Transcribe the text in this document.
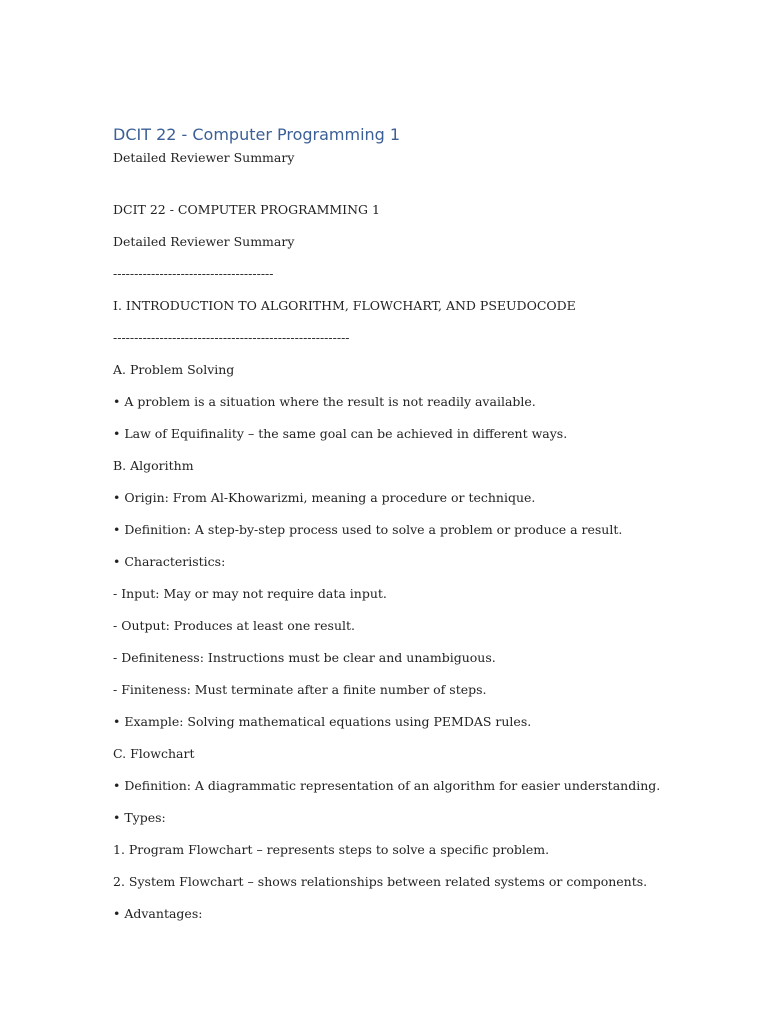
DCIT 22 - Computer Programming 1
Detailed Reviewer Summary
DCIT 22 - COMPUTER PROGRAMMING 1
Detailed Reviewer Summary
--------------------------------------
I. INTRODUCTION TO ALGORITHM, FLOWCHART, AND PSEUDOCODE
--------------------------------------------------------
A. Problem Solving
• A problem is a situation where the result is not readily available.
• Law of Equifinality – the same goal can be achieved in different ways.
B. Algorithm
• Origin: From Al-Khowarizmi, meaning a procedure or technique.
• Definition: A step-by-step process used to solve a problem or produce a result.
• Characteristics:
- Input: May or may not require data input.
- Output: Produces at least one result.
- Definiteness: Instructions must be clear and unambiguous.
- Finiteness: Must terminate after a finite number of steps.
• Example: Solving mathematical equations using PEMDAS rules.
C. Flowchart
• Definition: A diagrammatic representation of an algorithm for easier understanding.
• Types:
1. Program Flowchart – represents steps to solve a specific problem.
2. System Flowchart – shows relationships between related systems or components.
• Advantages:
